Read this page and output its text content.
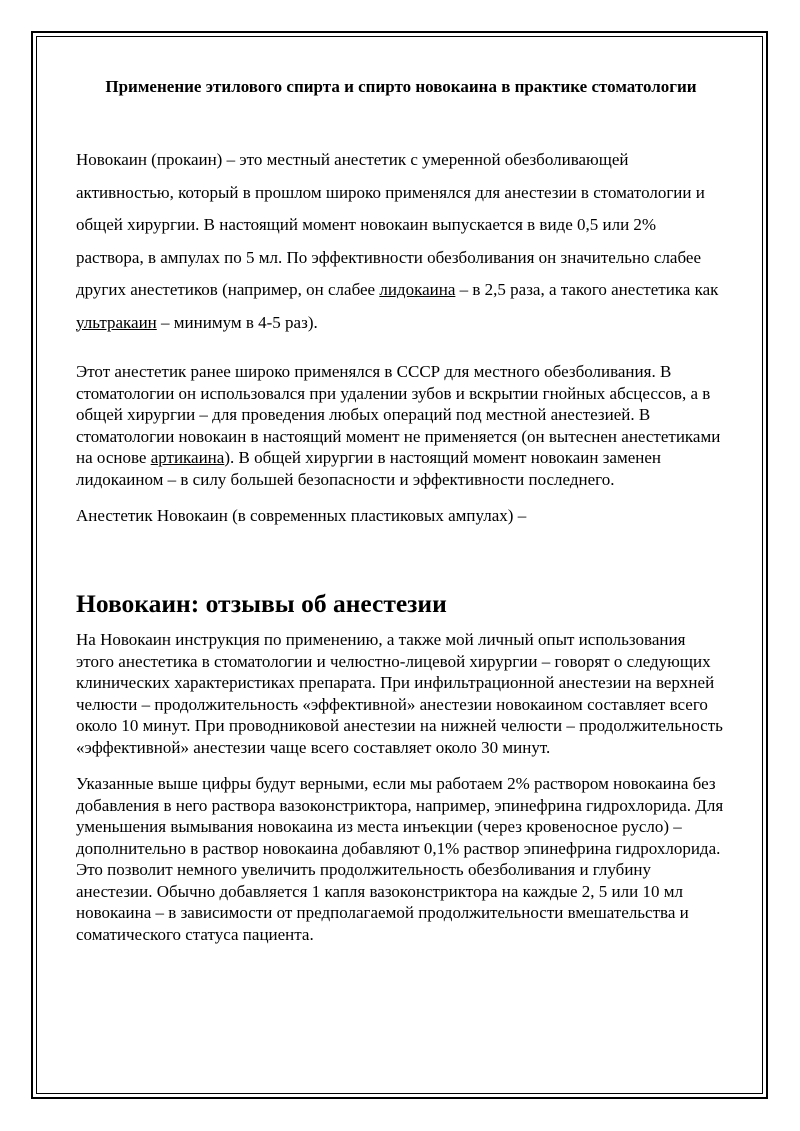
Применение этилового спирта и спирто новокаина в практике стоматологии

Новокаин (прокаин) – это местный анестетик с умеренной обезболивающей активностью, который в прошлом широко применялся для анестезии в стоматологии и общей хирургии. В настоящий момент новокаин выпускается в виде 0,5 или 2% раствора, в ампулах по 5 мл. По эффективности обезболивания он значительно слабее других анестетиков (например, он слабее лидокаина – в 2,5 раза, а такого анестетика как ультракаин – минимум в 4-5 раз).

Этот анестетик ранее широко применялся в СССР для местного обезболивания. В стоматологии он использовался при удалении зубов и вскрытии гнойных абсцессов, а в общей хирургии – для проведения любых операций под местной анестезией. В стоматологии новокаин в настоящий момент не применяется (он вытеснен анестетиками на основе артикаина). В общей хирургии в настоящий момент новокаин заменен лидокаином – в силу большей безопасности и эффективности последнего.

Анестетик Новокаин (в современных пластиковых ампулах) –

Новокаин: отзывы об анестезии

На Новокаин инструкция по применению, а также мой личный опыт использования этого анестетика в стоматологии и челюстно-лицевой хирургии – говорят о следующих клинических характеристиках препарата. При инфильтрационной анестезии на верхней челюсти – продолжительность «эффективной» анестезии новокаином составляет всего около 10 минут. При проводниковой анестезии на нижней челюсти – продолжительность «эффективной» анестезии чаще всего составляет около 30 минут.

Указанные выше цифры будут верными, если мы работаем 2% раствором новокаина без добавления в него раствора вазоконстриктора, например, эпинефрина гидрохлорида. Для уменьшения вымывания новокаина из места инъекции (через кровеносное русло) – дополнительно в раствор новокаина добавляют 0,1% раствор эпинефрина гидрохлорида. Это позволит немного увеличить продолжительность обезболивания и глубину анестезии. Обычно добавляется 1 капля вазоконстриктора на каждые 2, 5 или 10 мл новокаина – в зависимости от предполагаемой продолжительности вмешательства и соматического статуса пациента.
